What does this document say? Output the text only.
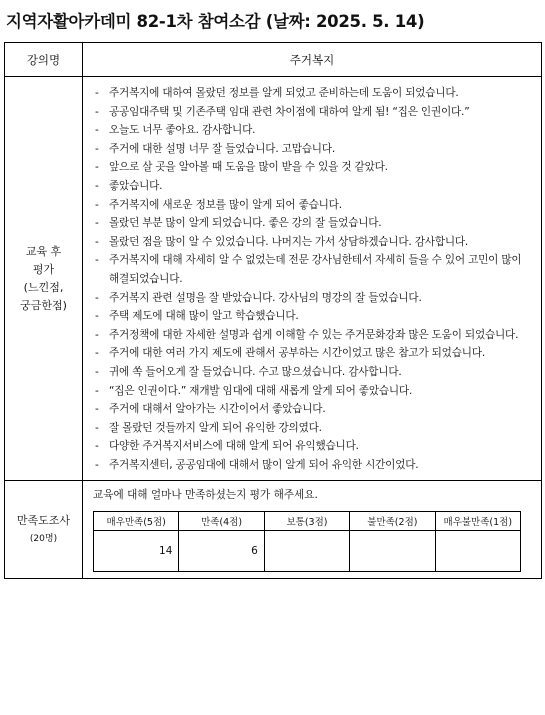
지역자활아카데미 82-1차 참여소감 (날짜: 2025. 5. 14)
강의명	주거복지

교육 후
평가
(느낀점,
궁금한점)

- 주거복지에 대하여 몰랐던 정보를 알게 되었고 준비하는데 도움이 되었습니다.
- 공공임대주택 및 기존주택 임대 관련 차이점에 대하여 알게 됨! “집은 인권이다.”
- 오늘도 너무 좋아요. 감사합니다.
- 주거에 대한 설명 너무 잘 들었습니다. 고맙습니다.
- 앞으로 살 곳을 알아볼 때 도움을 많이 받을 수 있을 것 같았다.
- 좋았습니다.
- 주거복지에 새로운 정보를 많이 알게 되어 좋습니다.
- 몰랐던 부분 많이 알게 되었습니다. 좋은 강의 잘 들었습니다.
- 몰랐던 점을 많이 알 수 있었습니다. 나머지는 가서 상담하겠습니다. 감사합니다.
- 주거복지에 대해 자세히 알 수 없었는데 전문 강사님한테서 자세히 들을 수 있어 고민이 많이 해결되었습니다.
- 주거복지 관련 설명을 잘 받았습니다. 강사님의 명강의 잘 들었습니다.
- 주택 제도에 대해 많이 알고 학습했습니다.
- 주거정책에 대한 자세한 설명과 쉽게 이해할 수 있는 주거문화강좌 많은 도움이 되었습니다.
- 주거에 대한 여러 가지 제도에 관해서 공부하는 시간이었고 많은 참고가 되었습니다.
- 귀에 쏙 들어오게 잘 들었습니다. 수고 많으셨습니다. 감사합니다.
- “집은 인권이다.” 재개발 임대에 대해 새롭게 알게 되어 좋았습니다.
- 주거에 대해서 알아가는 시간이어서 좋았습니다.
- 잘 몰랐던 것들까지 알게 되어 유익한 강의였다.
- 다양한 주거복지서비스에 대해 알게 되어 유익했습니다.
- 주거복지센터, 공공임대에 대해서 많이 알게 되어 유익한 시간이었다.

만족도조사
(20명)

교육에 대해 얼마나 만족하셨는지 평가 해주세요.
매우만족(5점)	만족(4점)	보통(3점)	불만족(2점)	매우불만족(1점)
14	6			
